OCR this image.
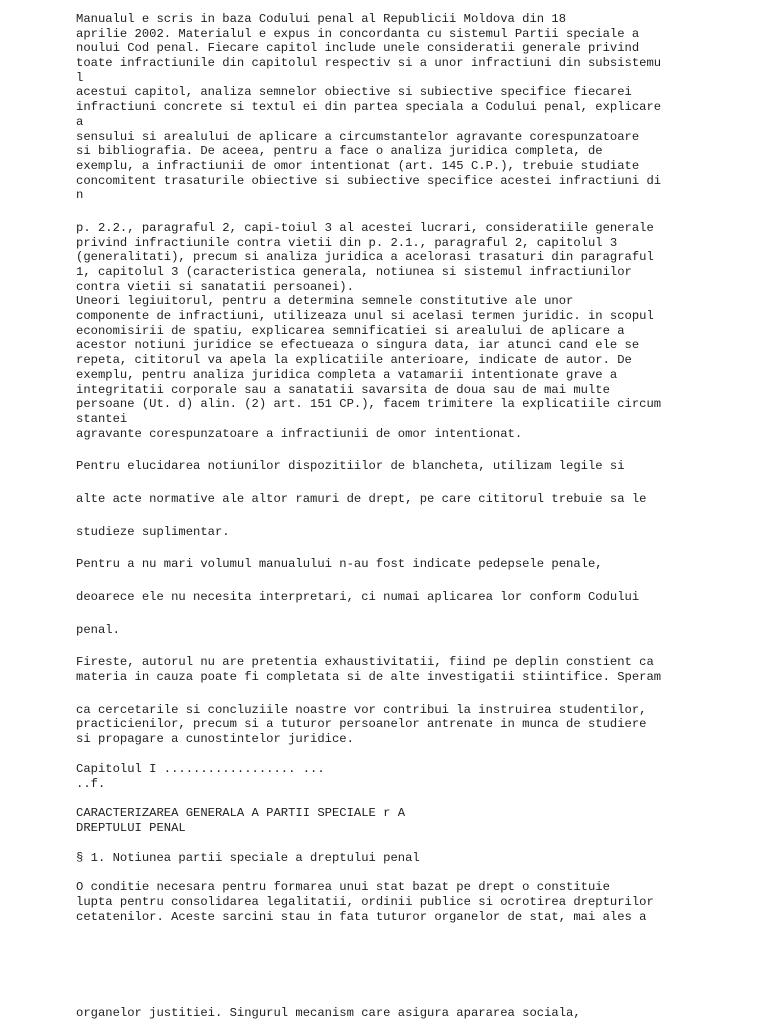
Manualul e scris in baza Codului penal al Republicii Moldova din 18
aprilie 2002. Materialul e expus in concordanta cu sistemul Partii speciale a
noului Cod penal. Fiecare capitol include unele consideratii generale privind
toate infractiunile din capitolul respectiv si a unor infractiuni din subsistemu
l
acestui capitol, analiza semnelor obiective si subiective specifice fiecarei
infractiuni concrete si textul ei din partea speciala a Codului penal, explicare
a
sensului si arealului de aplicare a circumstantelor agravante corespunzatoare
si bibliografia. De aceea, pentru a face o analiza juridica completa, de
exemplu, a infractiunii de omor intentionat (art. 145 C.P.), trebuie studiate
concomitent trasaturile obiective si subiective specifice acestei infractiuni di
n
p. 2.2., paragraful 2, capi-toiul 3 al acestei lucrari, consideratiile generale
privind infractiunile contra vietii din p. 2.1., paragraful 2, capitolul 3
(generalitati), precum si analiza juridica a acelorasi trasaturi din paragraful
1, capitolul 3 (caracteristica generala, notiunea si sistemul infractiunilor
contra vietii si sanatatii persoanei).
Uneori legiuitorul, pentru a determina semnele constitutive ale unor
componente de infractiuni, utilizeaza unul si acelasi termen juridic. in scopul
economisirii de spatiu, explicarea semnificatiei si arealului de aplicare a
acestor notiuni juridice se efectueaza o singura data, iar atunci cand ele se
repeta, cititorul va apela la explicatiile anterioare, indicate de autor. De
exemplu, pentru analiza juridica completa a vatamarii intentionate grave a
integritatii corporale sau a sanatatii savarsita de doua sau de mai multe
persoane (Ut. d) alin. (2) art. 151 CP.), facem trimitere la explicatiile circum
stantei
agravante corespunzatoare a infractiunii de omor intentionat.
Pentru elucidarea notiunilor dispozitiilor de blancheta, utilizam legile si
alte acte normative ale altor ramuri de drept, pe care cititorul trebuie sa le
studieze suplimentar.
Pentru a nu mari volumul manualului n-au fost indicate pedepsele penale,
deoarece ele nu necesita interpretari, ci numai aplicarea lor conform Codului
penal.
Fireste, autorul nu are pretentia exhaustivitatii, fiind pe deplin constient ca
materia in cauza poate fi completata si de alte investigatii stiintifice. Speram
ca cercetarile si concluziile noastre vor contribui la instruirea studentilor,
practicienilor, precum si a tuturor persoanelor antrenate in munca de studiere
si propagare a cunostintelor juridice.
Capitolul I .................. ...
..f.
CARACTERIZAREA GENERALA A PARTII SPECIALE r A
DREPTULUI PENAL
§ 1. Notiunea partii speciale a dreptului penal
O conditie necesara pentru formarea unui stat bazat pe drept o constituie
lupta pentru consolidarea legalitatii, ordinii publice si ocrotirea drepturilor
cetatenilor. Aceste sarcini stau in fata tuturor organelor de stat, mai ales a
organelor justitiei. Singurul mecanism care asigura apararea sociala,
